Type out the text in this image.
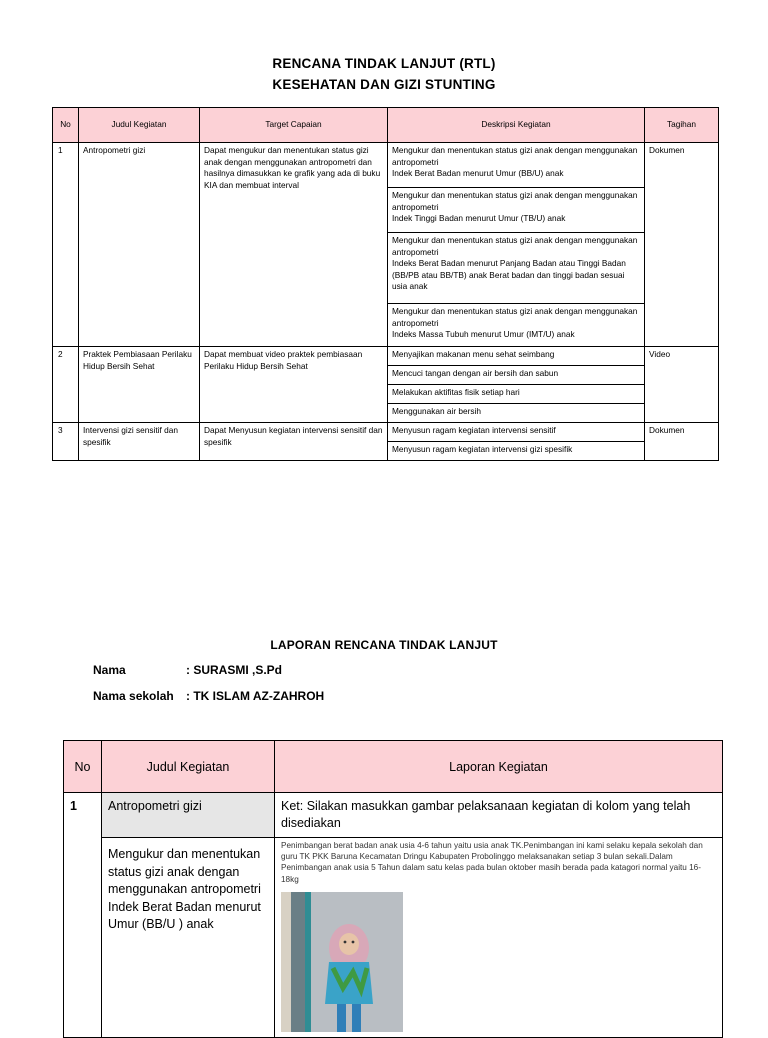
RENCANA TINDAK LANJUT (RTL)
KESEHATAN DAN GIZI STUNTING
No	Judul Kegiatan	Target Capaian	Deskripsi Kegiatan	Tagihan
1	Antropometri gizi	Dapat mengukur dan menentukan status gizi anak dengan menggunakan antropometri dan hasilnya dimasukkan ke grafik yang ada di buku KIA dan membuat interval	Mengukur dan menentukan status gizi anak dengan menggunakan antropometri
Indek Berat Badan menurut Umur (BB/U) anak	Dokumen
			Mengukur dan menentukan status gizi anak dengan menggunakan antropometri
Indek Tinggi Badan menurut Umur (TB/U) anak	
			Mengukur dan menentukan status gizi anak dengan menggunakan antropometri
Indeks Berat Badan menurut Panjang Badan atau Tinggi Badan (BB/PB atau BB/TB) anak Berat badan dan tinggi badan sesuai usia anak	
			Mengukur dan menentukan status gizi anak dengan menggunakan antropometri
Indeks Massa Tubuh menurut Umur (IMT/U) anak	
2	Praktek Pembiasaan Perilaku Hidup Bersih Sehat	Dapat membuat video praktek pembiasaan Perilaku Hidup Bersih Sehat	Menyajikan makanan menu sehat seimbang	Video
			Mencuci tangan dengan air bersih dan sabun	
			Melakukan aktifitas fisik setiap hari	
			Menggunakan air bersih	
3	Intervensi gizi sensitif dan spesifik	Dapat Menyusun kegiatan intervensi sensitif dan spesifik	Menyusun ragam kegiatan intervensi sensitif	Dokumen
			Menyusun ragam kegiatan intervensi gizi spesifik	
LAPORAN RENCANA TINDAK LANJUT
Nama	: SURASMI ,S.Pd
Nama sekolah : TK ISLAM AZ-ZAHROH
No	Judul Kegiatan	Laporan Kegiatan
1	Antropometri gizi	Ket: Silakan masukkan gambar pelaksanaan kegiatan di kolom yang telah disediakan

	Mengukur dan menentukan status gizi anak dengan menggunakan antropometri
Indek Berat Badan menurut Umur (BB/U ) anak	Penimbangan berat badan anak usia 4-6 tahun yaitu usia anak TK.Penimbangan ini kami selaku kepala sekolah dan guru TK PKK Baruna Kecamatan Dringu Kabupaten Probolinggo melaksanakan setiap 3 bulan sekali.Dalam Penimbangan anak usia 5 Tahun dalam satu kelas pada bulan oktober masih berada pada katagori normal yaitu 16-18kg
